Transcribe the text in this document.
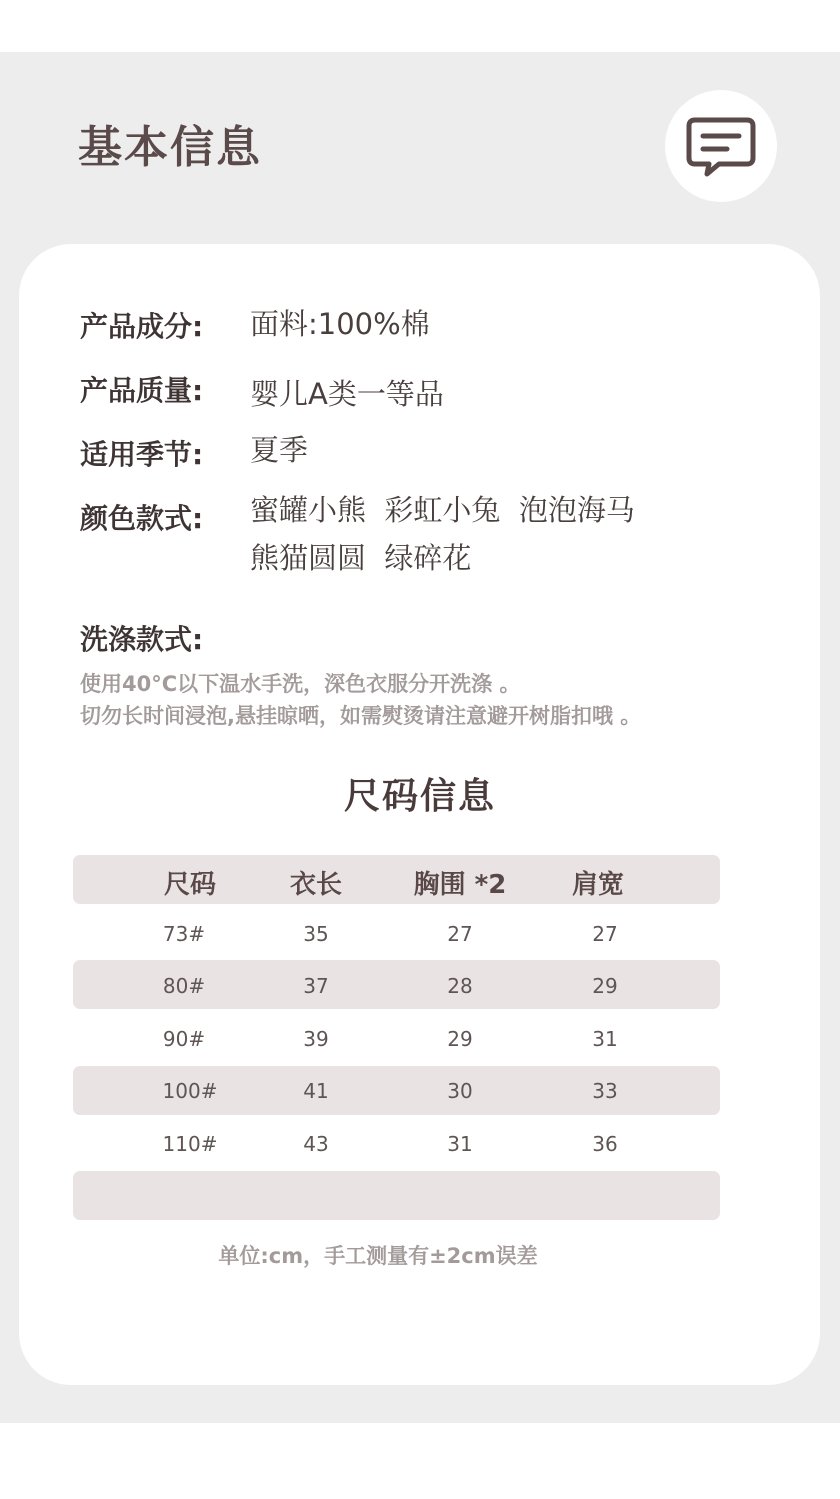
基本信息
产品成分:	面料:100%棉
产品质量:	婴儿A类一等品
适用季节:	夏季
颜色款式:	蜜罐小熊  彩虹小兔  泡泡海马
熊猫圆圆  绿碎花
洗涤款式:
使用40°C以下温水手洗，深色衣服分开洗涤 。
切勿长时间浸泡,悬挂晾晒，如需熨烫请注意避开树脂扣哦 。
尺码信息
尺码	衣长	胸围 *2	肩宽
73#	35	27	27
80#	37	28	29
90#	39	29	31
100#	41	30	33
110#	43	31	36
单位:cm，手工测量有±2cm误差
